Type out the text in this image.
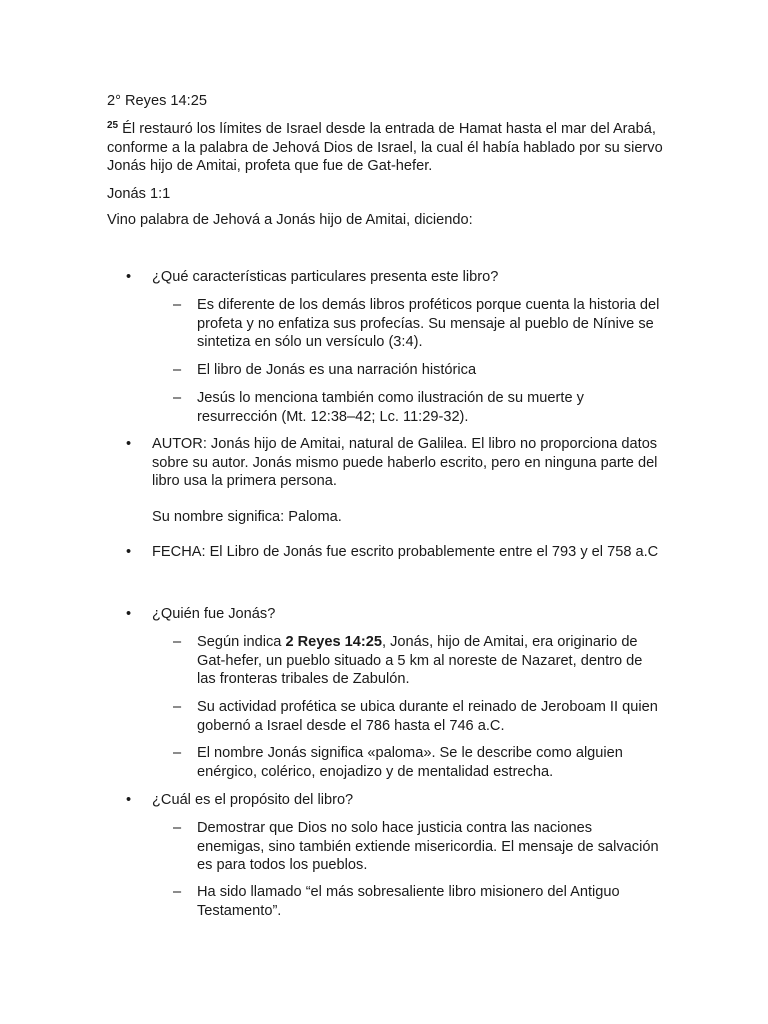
2° Reyes 14:25

$^{25}$ Él restauró los límites de Israel desde la entrada de Hamat hasta el mar del Arabá, conforme a la palabra de Jehová Dios de Israel, la cual él había hablado por su siervo Jonás hijo de Amitai, profeta que fue de Gat-hefer.

Jonás 1:1

Vino palabra de Jehová a Jonás hijo de Amitai, diciendo:

• ¿Qué características particulares presenta este libro?
– Es diferente de los demás libros proféticos porque cuenta la historia del profeta y no enfatiza sus profecías. Su mensaje al pueblo de Nínive se sintetiza en sólo un versículo (3:4).
– El libro de Jonás es una narración histórica
– Jesús lo menciona también como ilustración de su muerte y resurrección (Mt. 12:38–42; Lc. 11:29-32).
• AUTOR: Jonás hijo de Amitai, natural de Galilea. El libro no proporciona datos sobre su autor. Jonás mismo puede haberlo escrito, pero en ninguna parte del libro usa la primera persona.

Su nombre significa: Paloma.

• FECHA: El Libro de Jonás fue escrito probablemente entre el 793 y el 758 a.C
• ¿Quién fue Jonás?
– Según indica 2 Reyes 14:25, Jonás, hijo de Amitai, era originario de Gat-hefer, un pueblo situado a 5 km al noreste de Nazaret, dentro de las fronteras tribales de Zabulón.
– Su actividad profética se ubica durante el reinado de Jeroboam II quien gobernó a Israel desde el 786 hasta el 746 a.C.
– El nombre Jonás significa «paloma». Se le describe como alguien enérgico, colérico, enojadizo y de mentalidad estrecha.
• ¿Cuál es el propósito del libro?
– Demostrar que Dios no solo hace justicia contra las naciones enemigas, sino también extiende misericordia. El mensaje de salvación es para todos los pueblos.
– Ha sido llamado “el más sobresaliente libro misionero del Antiguo Testamento”.
